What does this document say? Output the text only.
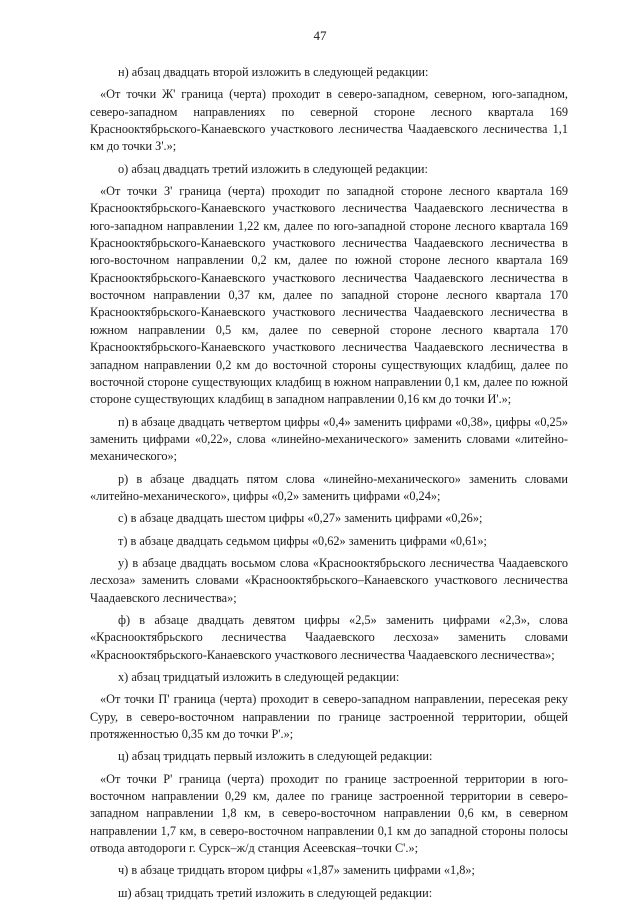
47

н) абзац двадцать второй изложить в следующей редакции:

«От точки Ж' граница (черта) проходит в северо-западном, северном, юго-западном, северо-западном направлениях по северной стороне лесного квартала 169 Краснооктябрьского-Канаевского участкового лесничества Чаадаевского лесничества 1,1 км до точки З'.»;

о) абзац двадцать третий изложить в следующей редакции:

«От точки З' граница (черта) проходит по западной стороне лесного квартала 169 Краснооктябрьского-Канаевского участкового лесничества Чаадаевского лесничества в юго-западном направлении 1,22 км, далее по юго-западной стороне лесного квартала 169 Краснооктябрьского-Канаевского участкового лесничества Чаадаевского лесничества в юго-восточном направлении 0,2 км, далее по южной стороне лесного квартала 169 Краснооктябрьского-Канаевского участкового лесничества Чаадаевского лесничества в восточном направлении 0,37 км, далее по западной стороне лесного квартала 170 Краснооктябрьского-Канаевского участкового лесничества Чаадаевского лесничества в южном направлении 0,5 км, далее по северной стороне лесного квартала 170 Краснооктябрьского-Канаевского участкового лесничества Чаадаевского лесничества в западном направлении 0,2 км до восточной стороны существующих кладбищ, далее по восточной стороне существующих кладбищ в южном направлении 0,1 км, далее по южной стороне существующих кладбищ в западном направлении 0,16 км до точки И'.»;

п) в абзаце двадцать четвертом цифры «0,4» заменить цифрами «0,38», цифры «0,25» заменить цифрами «0,22», слова «линейно-механического» заменить словами «литейно-механического»;

р) в абзаце двадцать пятом слова «линейно-механического» заменить словами «литейно-механического», цифры «0,2» заменить цифрами «0,24»;

с) в абзаце двадцать шестом цифры «0,27» заменить цифрами «0,26»;

т) в абзаце двадцать седьмом цифры «0,62» заменить цифрами «0,61»;

у) в абзаце двадцать восьмом слова «Краснооктябрьского лесничества Чаадаевского лесхоза» заменить словами «Краснооктябрьского–Канаевского участкового лесничества Чаадаевского лесничества»;

ф) в абзаце двадцать девятом цифры «2,5» заменить цифрами «2,3», слова «Краснооктябрьского лесничества Чаадаевского лесхоза» заменить словами «Краснооктябрьского-Канаевского участкового лесничества Чаадаевского лесничества»;

х) абзац тридцатый изложить в следующей редакции:

«От точки П' граница (черта) проходит в северо-западном направлении, пересекая реку Суру, в северо-восточном направлении по границе застроенной территории, общей протяженностью 0,35 км до точки Р'.»;

ц) абзац тридцать первый изложить в следующей редакции:

«От точки Р' граница (черта) проходит по границе застроенной территории в юго-восточном направлении 0,29 км, далее по границе застроенной территории в северо-западном направлении 1,8 км, в северо-восточном направлении 0,6 км, в северном направлении 1,7 км, в северо-восточном направлении 0,1 км до западной стороны полосы отвода автодороги г. Сурск–ж/д станция Асеевская–точки С'.»;

ч) в абзаце тридцать втором цифры «1,87» заменить цифрами «1,8»;

ш) абзац тридцать третий изложить в следующей редакции:
